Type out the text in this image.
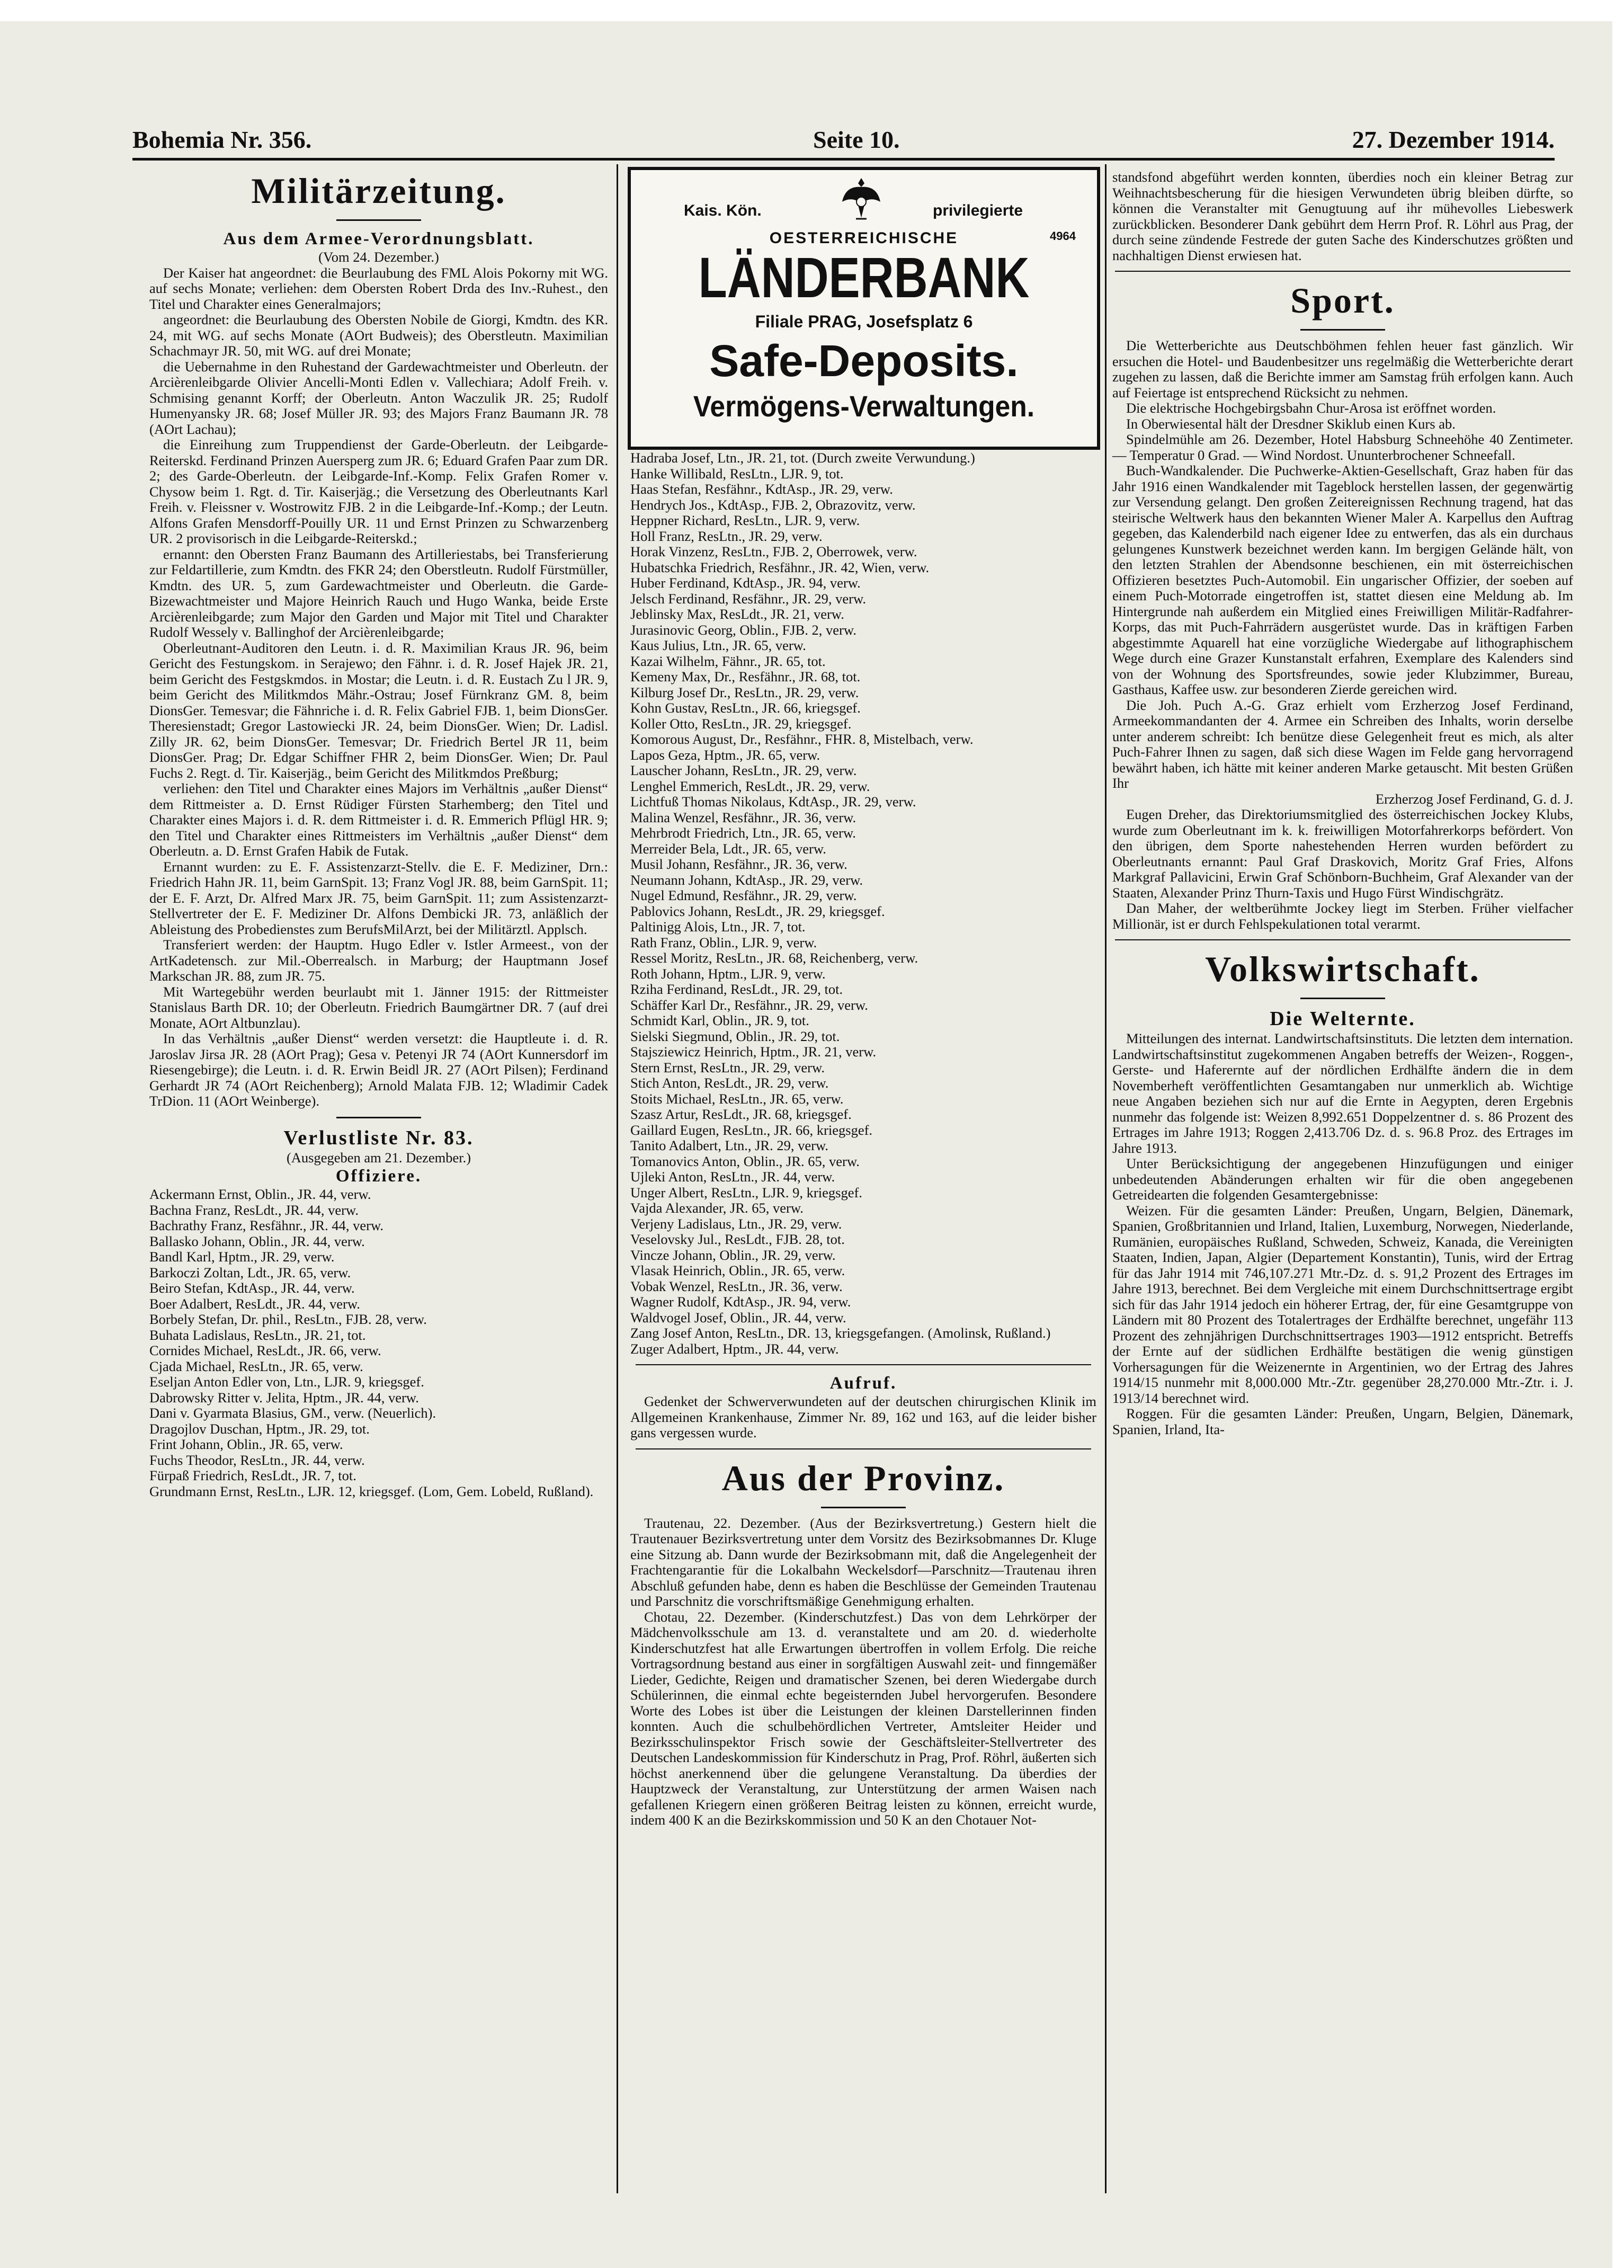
Bohemia Nr. 356.	Seite 10.	27. Dezember 1914.
Militärzeitung.
Aus dem Armee-Verordnungsblatt.
(Vom 24. Dezember.)

Der Kaiser hat angeordnet: die Beurlaubung des FML Alois Pokorny mit WG. auf sechs Monate; verliehen: dem Obersten Robert Drda des Inv.-Ruhest., den Titel und Charakter eines Generalmajors;

angeordnet: die Beurlaubung des Obersten Nobile de Giorgi, Kmdtn. des KR. 24, mit WG. auf sechs Monate (AOrt Budweis); des Oberstleutn. Maximilian Schachmayr JR. 50, mit WG. auf drei Monate;

die Uebernahme in den Ruhestand der Gardewachtmeister und Oberleutn. der Arcièrenleibgarde Olivier Ancelli-Monti Edlen v. Vallechiara; Adolf Freih. v. Schmising genannt Korff; der Oberleutn. Anton Waczulik JR. 25; Rudolf Humenyansky JR. 68; Josef Müller JR. 93; des Majors Franz Baumann JR. 78 (AOrt Lachau);

die Einreihung zum Truppendienst der Garde-Oberleutn. der Leibgarde-Reiterskd. Ferdinand Prinzen Auersperg zum JR. 6; Eduard Grafen Paar zum DR. 2; des Garde-Oberleutn. der Leibgarde-Inf.-Komp. Felix Grafen Romer v. Chysow beim 1. Rgt. d. Tir. Kaiserjäg.; die Versetzung des Oberleutnants Karl Freih. v. Fleissner v. Wostrowitz FJB. 2 in die Leibgarde-Inf.-Komp.; der Leutn. Alfons Grafen Mensdorff-Pouilly UR. 11 und Ernst Prinzen zu Schwarzenberg UR. 2 provisorisch in die Leibgarde-Reiterskd.;

ernannt: den Obersten Franz Baumann des Artilleriestabs, bei Transferierung zur Feldartillerie, zum Kmdtn. des FKR 24; den Oberstleutn. Rudolf Fürstmüller, Kmdtn. des UR. 5, zum Gardewachtmeister und Oberleutn. die Garde-Bizewachtmeister und Majore Heinrich Rauch und Hugo Wanka, beide Erste Arcièrenleibgarde; zum Major den Garden und Major mit Titel und Charakter Rudolf Wessely v. Ballinghof der Arcièrenleibgarde;

Oberleutnant-Auditoren den Leutn. i. d. R. Maximilian Kraus JR. 96, beim Gericht des Festungskom. in Serajewo; den Fähnr. i. d. R. Josef Hajek JR. 21, beim Gericht des Festgskmdos. in Mostar; die Leutn. i. d. R. Eustach Zu l JR. 9, beim Gericht des Militkmdos Mähr.-Ostrau; Josef Fürnkranz GM. 8, beim DionsGer. Temesvar; die Fähnriche i. d. R. Felix Gabriel FJB. 1, beim DionsGer. Theresienstadt; Gregor Lastowiecki JR. 24, beim DionsGer. Wien; Dr. Ladisl. Zilly JR. 62, beim DionsGer. Temesvar; Dr. Friedrich Bertel JR 11, beim DionsGer. Prag; Dr. Edgar Schiffner FHR 2, beim DionsGer. Wien; Dr. Paul Fuchs 2. Regt. d. Tir. Kaiserjäg., beim Gericht des Militkmdos Preßburg;

verliehen: den Titel und Charakter eines Majors im Verhältnis „außer Dienst“ dem Rittmeister a. D. Ernst Rüdiger Fürsten Starhemberg; den Titel und Charakter eines Majors i. d. R. dem Rittmeister i. d. R. Emmerich Pflügl HR. 9; den Titel und Charakter eines Rittmeisters im Verhältnis „außer Dienst“ dem Oberleutn. a. D. Ernst Grafen Habik de Futak.

Ernannt wurden: zu E. F. Assistenzarzt-Stellv. die E. F. Mediziner, Drn.: Friedrich Hahn JR. 11, beim GarnSpit. 13; Franz Vogl JR. 88, beim GarnSpit. 11; der E. F. Arzt, Dr. Alfred Marx JR. 75, beim GarnSpit. 11; zum Assistenzarzt-Stellvertreter der E. F. Mediziner Dr. Alfons Dembicki JR. 73, anläßlich der Ableistung des Probedienstes zum BerufsMilArzt, bei der Militärztl. Applsch.

Transferiert werden: der Hauptm. Hugo Edler v. Istler Armeest., von der ArtKadetensch. zur Mil.-Oberrealsch. in Marburg; der Hauptmann Josef Markschan JR. 88, zum JR. 75.

Mit Wartegebühr werden beurlaubt mit 1. Jänner 1915: der Rittmeister Stanislaus Barth DR. 10; der Oberleutn. Friedrich Baumgärtner DR. 7 (auf drei Monate, AOrt Altbunzlau).

In das Verhältnis „außer Dienst“ werden versetzt: die Hauptleute i. d. R. Jaroslav Jirsa JR. 28 (AOrt Prag); Gesa v. Petenyi JR 74 (AOrt Kunnersdorf im Riesengebirge); die Leutn. i. d. R. Erwin Beidl JR. 27 (AOrt Pilsen); Ferdinand Gerhardt JR 74 (AOrt Reichenberg); Arnold Malata FJB. 12; Wladimir Cadek TrDion. 11 (AOrt Weinberge).

Verlustliste Nr. 83.
(Ausgegeben am 21. Dezember.)
Offiziere.
Ackermann Ernst, Oblin., JR. 44, verw.
Bachna Franz, ResLdt., JR. 44, verw.
Bachrathy Franz, Resfähnr., JR. 44, verw.
Ballasko Johann, Oblin., JR. 44, verw.
Bandl Karl, Hptm., JR. 29, verw.
Barkoczi Zoltan, Ldt., JR. 65, verw.
Beiro Stefan, KdtAsp., JR. 44, verw.
Boer Adalbert, ResLdt., JR. 44, verw.
Borbely Stefan, Dr. phil., ResLtn., FJB. 28, verw.
Buhata Ladislaus, ResLtn., JR. 21, tot.
Cornides Michael, ResLdt., JR. 66, verw.
Cjada Michael, ResLtn., JR. 65, verw.
Eseljan Anton Edler von, Ltn., LJR. 9, kriegsgef.
Dabrowsky Ritter v. Jelita, Hptm., JR. 44, verw.
Dani v. Gyarmata Blasius, GM., verw. (Neuerlich).
Dragojlov Duschan, Hptm., JR. 29, tot.
Frint Johann, Oblin., JR. 65, verw.
Fuchs Theodor, ResLtn., JR. 44, verw.
Fürpaß Friedrich, ResLdt., JR. 7, tot.
Grundmann Ernst, ResLtn., LJR. 12, kriegsgef. (Lom, Gem. Lobeld, Rußland).
Kais. Kön.	privilegierte
OESTERREICHISCHE	4964
LÄNDERBANK
Filiale PRAG, Josefsplatz 6
Safe-Deposits.
Vermögens-Verwaltungen.
Hadraba Josef, Ltn., JR. 21, tot. (Durch zweite Verwundung.)
Hanke Willibald, ResLtn., LJR. 9, tot.
Haas Stefan, Resfähnr., KdtAsp., JR. 29, verw.
Hendrych Jos., KdtAsp., FJB. 2, Obrazovitz, verw.
Heppner Richard, ResLtn., LJR. 9, verw.
Holl Franz, ResLtn., JR. 29, verw.
Horak Vinzenz, ResLtn., FJB. 2, Oberrowek, verw.
Hubatschka Friedrich, Resfähnr., JR. 42, Wien, verw.
Huber Ferdinand, KdtAsp., JR. 94, verw.
Jelsch Ferdinand, Resfähnr., JR. 29, verw.
Jeblinsky Max, ResLdt., JR. 21, verw.
Jurasinovic Georg, Oblin., FJB. 2, verw.
Kaus Julius, Ltn., JR. 65, verw.
Kazai Wilhelm, Fähnr., JR. 65, tot.
Kemeny Max, Dr., Resfähnr., JR. 68, tot.
Kilburg Josef Dr., ResLtn., JR. 29, verw.
Kohn Gustav, ResLtn., JR. 66, kriegsgef.
Koller Otto, ResLtn., JR. 29, kriegsgef.
Komorous August, Dr., Resfähnr., FHR. 8, Mistelbach, verw.
Lapos Geza, Hptm., JR. 65, verw.
Lauscher Johann, ResLtn., JR. 29, verw.
Lenghel Emmerich, ResLdt., JR. 29, verw.
Lichtfuß Thomas Nikolaus, KdtAsp., JR. 29, verw.
Malina Wenzel, Resfähnr., JR. 36, verw.
Mehrbrodt Friedrich, Ltn., JR. 65, verw.
Merreider Bela, Ldt., JR. 65, verw.
Musil Johann, Resfähnr., JR. 36, verw.
Neumann Johann, KdtAsp., JR. 29, verw.
Nugel Edmund, Resfähnr., JR. 29, verw.
Pablovics Johann, ResLdt., JR. 29, kriegsgef.
Paltinigg Alois, Ltn., JR. 7, tot.
Rath Franz, Oblin., LJR. 9, verw.
Ressel Moritz, ResLtn., JR. 68, Reichenberg, verw.
Roth Johann, Hptm., LJR. 9, verw.
Rziha Ferdinand, ResLdt., JR. 29, tot.
Schäffer Karl Dr., Resfähnr., JR. 29, verw.
Schmidt Karl, Oblin., JR. 9, tot.
Sielski Siegmund, Oblin., JR. 29, tot.
Stajsziewicz Heinrich, Hptm., JR. 21, verw.
Stern Ernst, ResLtn., JR. 29, verw.
Stich Anton, ResLdt., JR. 29, verw.
Stoits Michael, ResLtn., JR. 65, verw.
Szasz Artur, ResLdt., JR. 68, kriegsgef.
Gaillard Eugen, ResLtn., JR. 66, kriegsgef.
Tanito Adalbert, Ltn., JR. 29, verw.
Tomanovics Anton, Oblin., JR. 65, verw.
Ujleki Anton, ResLtn., JR. 44, verw.
Unger Albert, ResLtn., LJR. 9, kriegsgef.
Vajda Alexander, JR. 65, verw.
Verjeny Ladislaus, Ltn., JR. 29, verw.
Veselovsky Jul., ResLdt., FJB. 28, tot.
Vincze Johann, Oblin., JR. 29, verw.
Vlasak Heinrich, Oblin., JR. 65, verw.
Vobak Wenzel, ResLtn., JR. 36, verw.
Wagner Rudolf, KdtAsp., JR. 94, verw.
Waldvogel Josef, Oblin., JR. 44, verw.
Zang Josef Anton, ResLtn., DR. 13, kriegsgefangen. (Amolinsk, Rußland.)
Zuger Adalbert, Hptm., JR. 44, verw.
Aufruf.

Gedenket der Schwerverwundeten auf der deutschen chirurgischen Klinik im Allgemeinen Krankenhause, Zimmer Nr. 89, 162 und 163, auf die leider bisher gans vergessen wurde.

Aus der Provinz.

Trautenau, 22. Dezember. (Aus der Bezirksvertretung.) Gestern hielt die Trautenauer Bezirksvertretung unter dem Vorsitz des Bezirksobmannes Dr. Kluge eine Sitzung ab. Dann wurde der Bezirksobmann mit, daß die Angelegenheit der Frachtengarantie für die Lokalbahn Weckelsdorf—Parschnitz—Trautenau ihren Abschluß gefunden habe, denn es haben die Beschlüsse der Gemeinden Trautenau und Parschnitz die vorschriftsmäßige Genehmigung erhalten.

Chotau, 22. Dezember. (Kinderschutzfest.) Das von dem Lehrkörper der Mädchenvolksschule am 13. d. veranstaltete und am 20. d. wiederholte Kinderschutzfest hat alle Erwartungen übertroffen in vollem Erfolg. Die reiche Vortragsordnung bestand aus einer in sorgfältigen Auswahl zeit- und finngemäßer Lieder, Gedichte, Reigen und dramatischer Szenen, bei deren Wiedergabe durch Schülerinnen, die einmal echte begeisternden Jubel hervorgerufen. Besondere Worte des Lobes ist über die Leistungen der kleinen Darstellerinnen finden konnten. Auch die schulbehördlichen Vertreter, Amtsleiter Heider und Bezirksschulinspektor Frisch sowie der Geschäftsleiter-Stellvertreter des Deutschen Landeskommission für Kinderschutz in Prag, Prof. Röhrl, äußerten sich höchst anerkennend über die gelungene Veranstaltung. Da überdies der Hauptzweck der Veranstaltung, zur Unterstützung der armen Waisen nach gefallenen Kriegern einen größeren Beitrag leisten zu können, erreicht wurde, indem 400 K an die Bezirkskommission und 50 K an den Chotauer Not-

standsfond abgeführt werden konnten, überdies noch ein kleiner Betrag zur Weihnachtsbescherung für die hiesigen Verwundeten übrig bleiben dürfte, so können die Veranstalter mit Genugtuung auf ihr mühevolles Liebeswerk zurückblicken. Besonderer Dank gebührt dem Herrn Prof. R. Löhrl aus Prag, der durch seine zündende Festrede der guten Sache des Kinderschutzes größten und nachhaltigen Dienst erwiesen hat.

Sport.

Die Wetterberichte aus Deutschböhmen fehlen heuer fast gänzlich. Wir ersuchen die Hotel- und Baudenbesitzer uns regelmäßig die Wetterberichte derart zugehen zu lassen, daß die Berichte immer am Samstag früh erfolgen kann. Auch auf Feiertage ist entsprechend Rücksicht zu nehmen.

Die elektrische Hochgebirgsbahn Chur-Arosa ist eröffnet worden.

In Oberwiesental hält der Dresdner Skiklub einen Kurs ab.

Spindelmühle am 26. Dezember, Hotel Habsburg Schneehöhe 40 Zentimeter. — Temperatur 0 Grad. — Wind Nordost. Ununterbrochener Schneefall.

Buch-Wandkalender. Die Puchwerke-Aktien-Gesellschaft, Graz haben für das Jahr 1916 einen Wandkalender mit Tageblock herstellen lassen, der gegenwärtig zur Versendung gelangt. Den großen Zeitereignissen Rechnung tragend, hat das steirische Weltwerk haus den bekannten Wiener Maler A. Karpellus den Auftrag gegeben, das Kalenderbild nach eigener Idee zu entwerfen, das als ein durchaus gelungenes Kunstwerk bezeichnet werden kann. Im bergigen Gelände hält, von den letzten Strahlen der Abendsonne beschienen, ein mit österreichischen Offizieren besetztes Puch-Automobil. Ein ungarischer Offizier, der soeben auf einem Puch-Motorrade eingetroffen ist, stattet diesen eine Meldung ab. Im Hintergrunde nah außerdem ein Mitglied eines Freiwilligen Militär-Radfahrer-Korps, das mit Puch-Fahrrädern ausgerüstet wurde. Das in kräftigen Farben abgestimmte Aquarell hat eine vorzügliche Wiedergabe auf lithographischem Wege durch eine Grazer Kunstanstalt erfahren, Exemplare des Kalenders sind von der Wohnung des Sportsfreundes, sowie jeder Klubzimmer, Bureau, Gasthaus, Kaffee usw. zur besonderen Zierde gereichen wird.

Die Joh. Puch A.-G. Graz erhielt vom Erzherzog Josef Ferdinand, Armeekommandanten der 4. Armee ein Schreiben des Inhalts, worin derselbe unter anderem schreibt: Ich benütze diese Gelegenheit freut es mich, als alter Puch-Fahrer Ihnen zu sagen, daß sich diese Wagen im Felde gang hervorragend bewährt haben, ich hätte mit keiner anderen Marke getauscht. Mit besten Grüßen Ihr

Erzherzog Josef Ferdinand, G. d. J.

Eugen Dreher, das Direktoriumsmitglied des österreichischen Jockey Klubs, wurde zum Oberleutnant im k. k. freiwilligen Motorfahrerkorps befördert. Von den übrigen, dem Sporte nahestehenden Herren wurden befördert zu Oberleutnants ernannt: Paul Graf Draskovich, Moritz Graf Fries, Alfons Markgraf Pallavicini, Erwin Graf Schönborn-Buchheim, Graf Alexander van der Staaten, Alexander Prinz Thurn-Taxis und Hugo Fürst Windischgrätz.

Dan Maher, der weltberühmte Jockey liegt im Sterben. Früher vielfacher Millionär, ist er durch Fehlspekulationen total verarmt.

Volkswirtschaft.
Die Welternte.

Mitteilungen des internat. Landwirtschaftsinstituts. Die letzten dem internation. Landwirtschaftsinstitut zugekommenen Angaben betreffs der Weizen-, Roggen-, Gerste- und Haferernte auf der nördlichen Erdhälfte ändern die in dem Novemberheft veröffentlichten Gesamtangaben nur unmerklich ab. Wichtige neue Angaben beziehen sich nur auf die Ernte in Aegypten, deren Ergebnis nunmehr das folgende ist: Weizen 8,992.651 Doppelzentner d. s. 86 Prozent des Ertrages im Jahre 1913; Roggen 2,413.706 Dz. d. s. 96.8 Proz. des Ertrages im Jahre 1913.

Unter Berücksichtigung der angegebenen Hinzufügungen und einiger unbedeutenden Abänderungen erhalten wir für die oben angegebenen Getreidearten die folgenden Gesamtergebnisse:

Weizen. Für die gesamten Länder: Preußen, Ungarn, Belgien, Dänemark, Spanien, Großbritannien und Irland, Italien, Luxemburg, Norwegen, Niederlande, Rumänien, europäisches Rußland, Schweden, Schweiz, Kanada, die Vereinigten Staaten, Indien, Japan, Algier (Departement Konstantin), Tunis, wird der Ertrag für das Jahr 1914 mit 746,107.271 Mtr.-Dz. d. s. 91,2 Prozent des Ertrages im Jahre 1913, berechnet. Bei dem Vergleiche mit einem Durchschnittsertrage ergibt sich für das Jahr 1914 jedoch ein höherer Ertrag, der, für eine Gesamtgruppe von Ländern mit 80 Prozent des Totalertrages der Erdhälfte berechnet, ungefähr 113 Prozent des zehnjährigen Durchschnittsertrages 1903—1912 entspricht. Betreffs der Ernte auf der südlichen Erdhälfte bestätigen die wenig günstigen Vorhersagungen für die Weizenernte in Argentinien, wo der Ertrag des Jahres 1914/15 nunmehr mit 8,000.000 Mtr.-Ztr. gegenüber 28,270.000 Mtr.-Ztr. i. J. 1913/14 berechnet wird.

Roggen. Für die gesamten Länder: Preußen, Ungarn, Belgien, Dänemark, Spanien, Irland, Ita-
